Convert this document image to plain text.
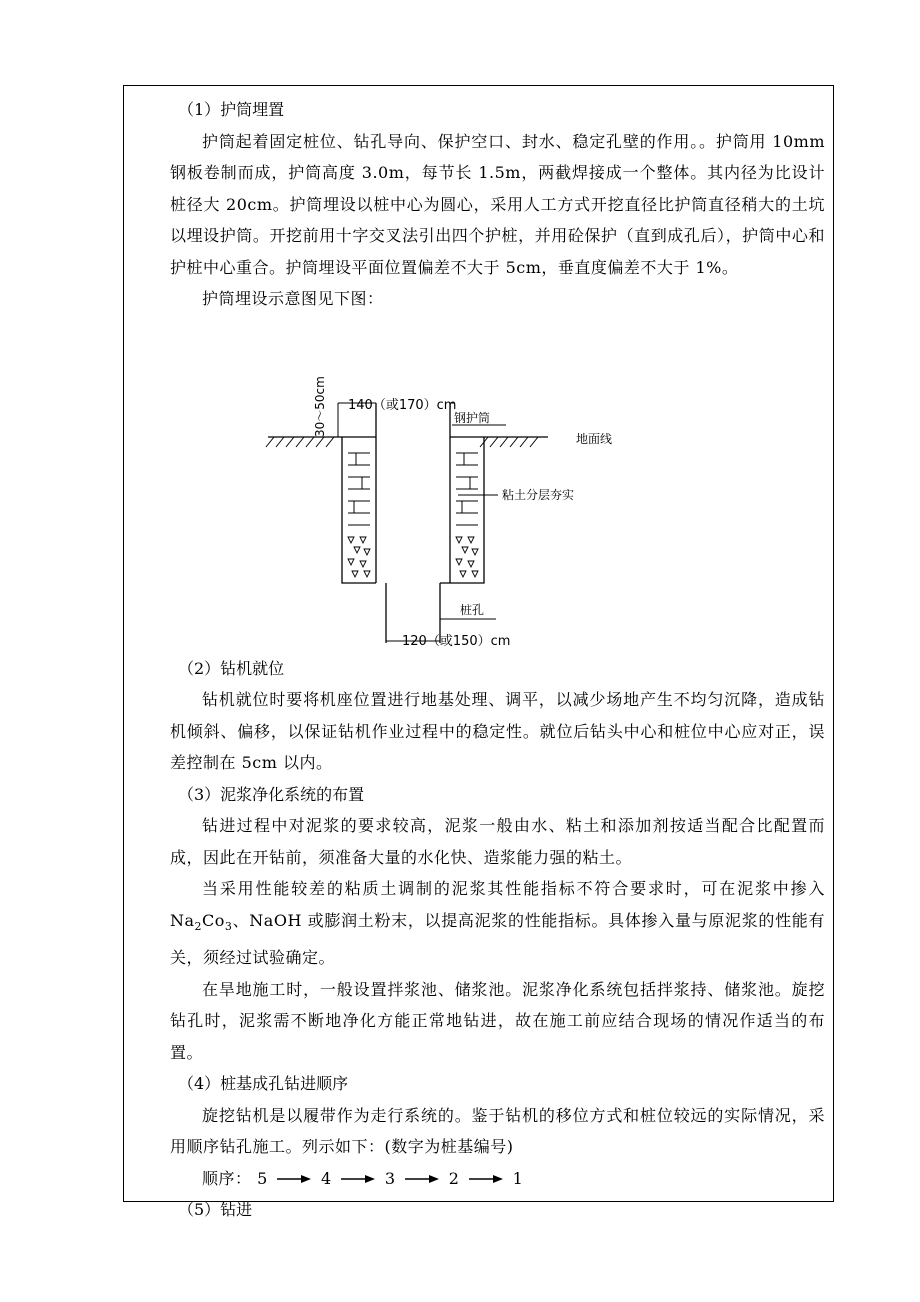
（1）护筒埋置
护筒起着固定桩位、钻孔导向、保护空口、封水、稳定孔壁的作用。。护筒用 10mm 钢板卷制而成，护筒高度 3.0m，每节长 1.5m，两截焊接成一个整体。其内径为比设计桩径大 20cm。护筒埋设以桩中心为圆心，采用人工方式开挖直径比护筒直径稍大的土坑以埋设护筒。开挖前用十字交叉法引出四个护桩，并用砼保护（直到成孔后），护筒中心和护桩中心重合。护筒埋设平面位置偏差不大于 5cm，垂直度偏差不大于 1%。
护筒埋设示意图见下图：
30～50cm 140（或170）cm
钢护筒
地面线
粘土分层夯实
桩孔
120（或150）cm
（2）钻机就位
钻机就位时要将机座位置进行地基处理、调平，以减少场地产生不均匀沉降，造成钻机倾斜、偏移，以保证钻机作业过程中的稳定性。就位后钻头中心和桩位中心应对正，误差控制在 5cm 以内。
（3）泥浆净化系统的布置
钻进过程中对泥浆的要求较高，泥浆一般由水、粘土和添加剂按适当配合比配置而成，因此在开钻前，须准备大量的水化快、造浆能力强的粘土。
当采用性能较差的粘质土调制的泥浆其性能指标不符合要求时，可在泥浆中掺入 $Na_2Co_3$、NaOH 或膨润土粉末，以提高泥浆的性能指标。具体掺入量与原泥浆的性能有关，须经过试验确定。
在旱地施工时，一般设置拌浆池、储浆池。泥浆净化系统包括拌浆持、储浆池。旋挖钻孔时，泥浆需不断地净化方能正常地钻进，故在施工前应结合现场的情况作适当的布置。
（4）桩基成孔钻进顺序
旋挖钻机是以履带作为走行系统的。鉴于钻机的移位方式和桩位较远的实际情况，采用顺序钻孔施工。列示如下：(数字为桩基编号)
顺序： 5	4	3	2	1
（5）钻进
